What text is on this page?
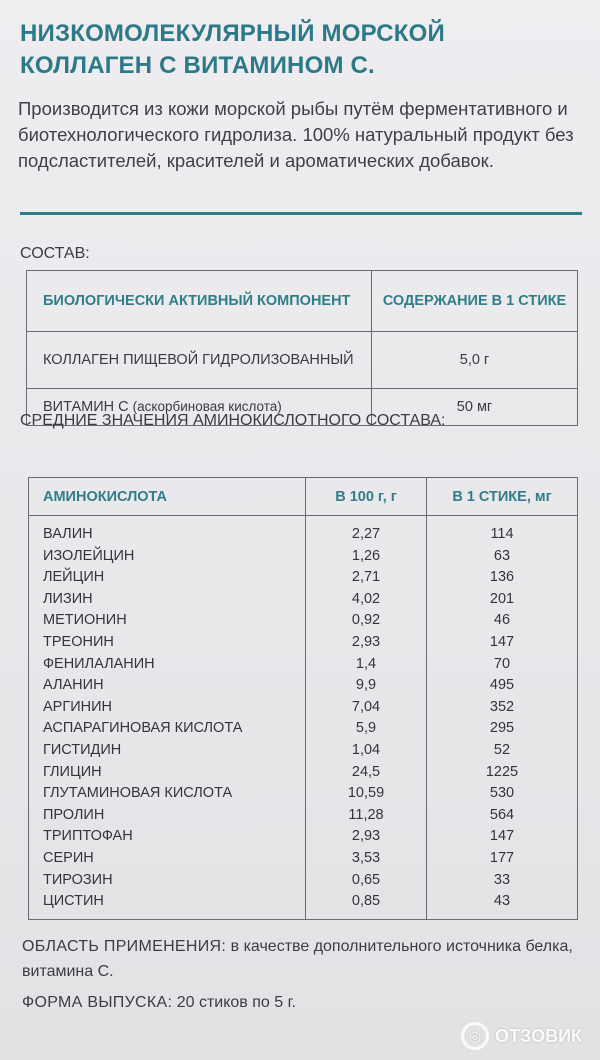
НИЗКОМОЛЕКУЛЯРНЫЙ МОРСКОЙ КОЛЛАГЕН С ВИТАМИНОМ С.
Производится из кожи морской рыбы путём ферментативного и биотехнологического гидролиза. 100% натуральный продукт без подсластителей, красителей и ароматических добавок.
СОСТАВ:
БИОЛОГИЧЕСКИ АКТИВНЫЙ КОМПОНЕНТ	СОДЕРЖАНИЕ В 1 СТИКЕ
КОЛЛАГЕН ПИЩЕВОЙ ГИДРОЛИЗОВАННЫЙ	5,0 г
ВИТАМИН С (аскорбиновая кислота)	50 мг
СРЕДНИЕ ЗНАЧЕНИЯ АМИНОКИСЛОТНОГО СОСТАВА:
АМИНОКИСЛОТА	В 100 г, г	В 1 СТИКЕ, мг
ВАЛИН	2,27	114
ИЗОЛЕЙЦИН	1,26	63
ЛЕЙЦИН	2,71	136
ЛИЗИН	4,02	201
МЕТИОНИН	0,92	46
ТРЕОНИН	2,93	147
ФЕНИЛАЛАНИН	1,4	70
АЛАНИН	9,9	495
АРГИНИН	7,04	352
АСПАРАГИНОВАЯ КИСЛОТА	5,9	295
ГИСТИДИН	1,04	52
ГЛИЦИН	24,5	1225
ГЛУТАМИНОВАЯ КИСЛОТА	10,59	530
ПРОЛИН	11,28	564
ТРИПТОФАН	2,93	147
СЕРИН	3,53	177
ТИРОЗИН	0,65	33
ЦИСТИН	0,85	43
ОБЛАСТЬ ПРИМЕНЕНИЯ: в качестве дополнительного источника белка, витамина С.
ФОРМА ВЫПУСКА: 20 стиков по 5 г.
◎ ОТЗОВИК
